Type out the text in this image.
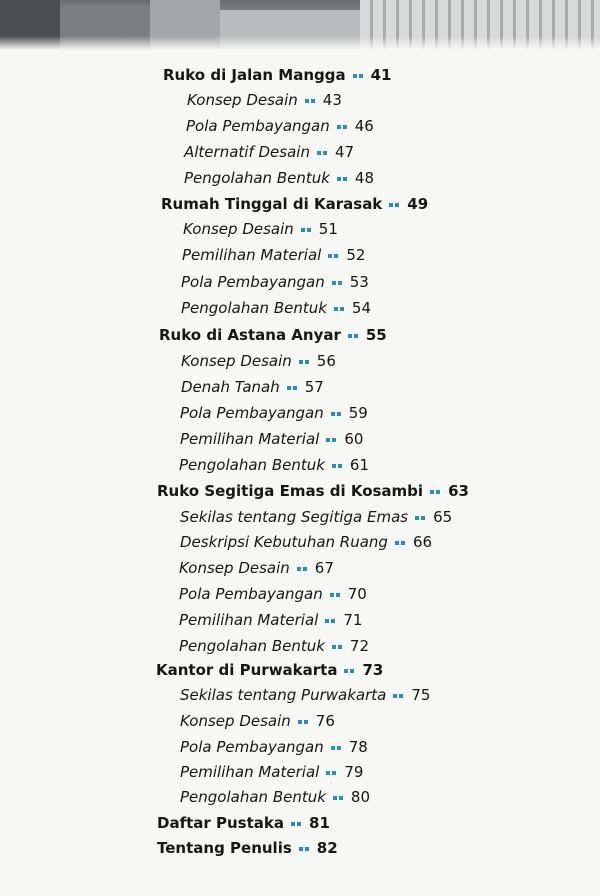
Ruko di Jalan Mangga 41
Konsep Desain 43
Pola Pembayangan 46
Alternatif Desain 47
Pengolahan Bentuk 48
Rumah Tinggal di Karasak 49
Konsep Desain 51
Pemilihan Material 52
Pola Pembayangan 53
Pengolahan Bentuk 54
Ruko di Astana Anyar 55
Konsep Desain 56
Denah Tanah 57
Pola Pembayangan 59
Pemilihan Material 60
Pengolahan Bentuk 61
Ruko Segitiga Emas di Kosambi 63
Sekilas tentang Segitiga Emas 65
Deskripsi Kebutuhan Ruang 66
Konsep Desain 67
Pola Pembayangan 70
Pemilihan Material 71
Pengolahan Bentuk 72
Kantor di Purwakarta 73
Sekilas tentang Purwakarta 75
Konsep Desain 76
Pola Pembayangan 78
Pemilihan Material 79
Pengolahan Bentuk 80
Daftar Pustaka 81
Tentang Penulis 82
